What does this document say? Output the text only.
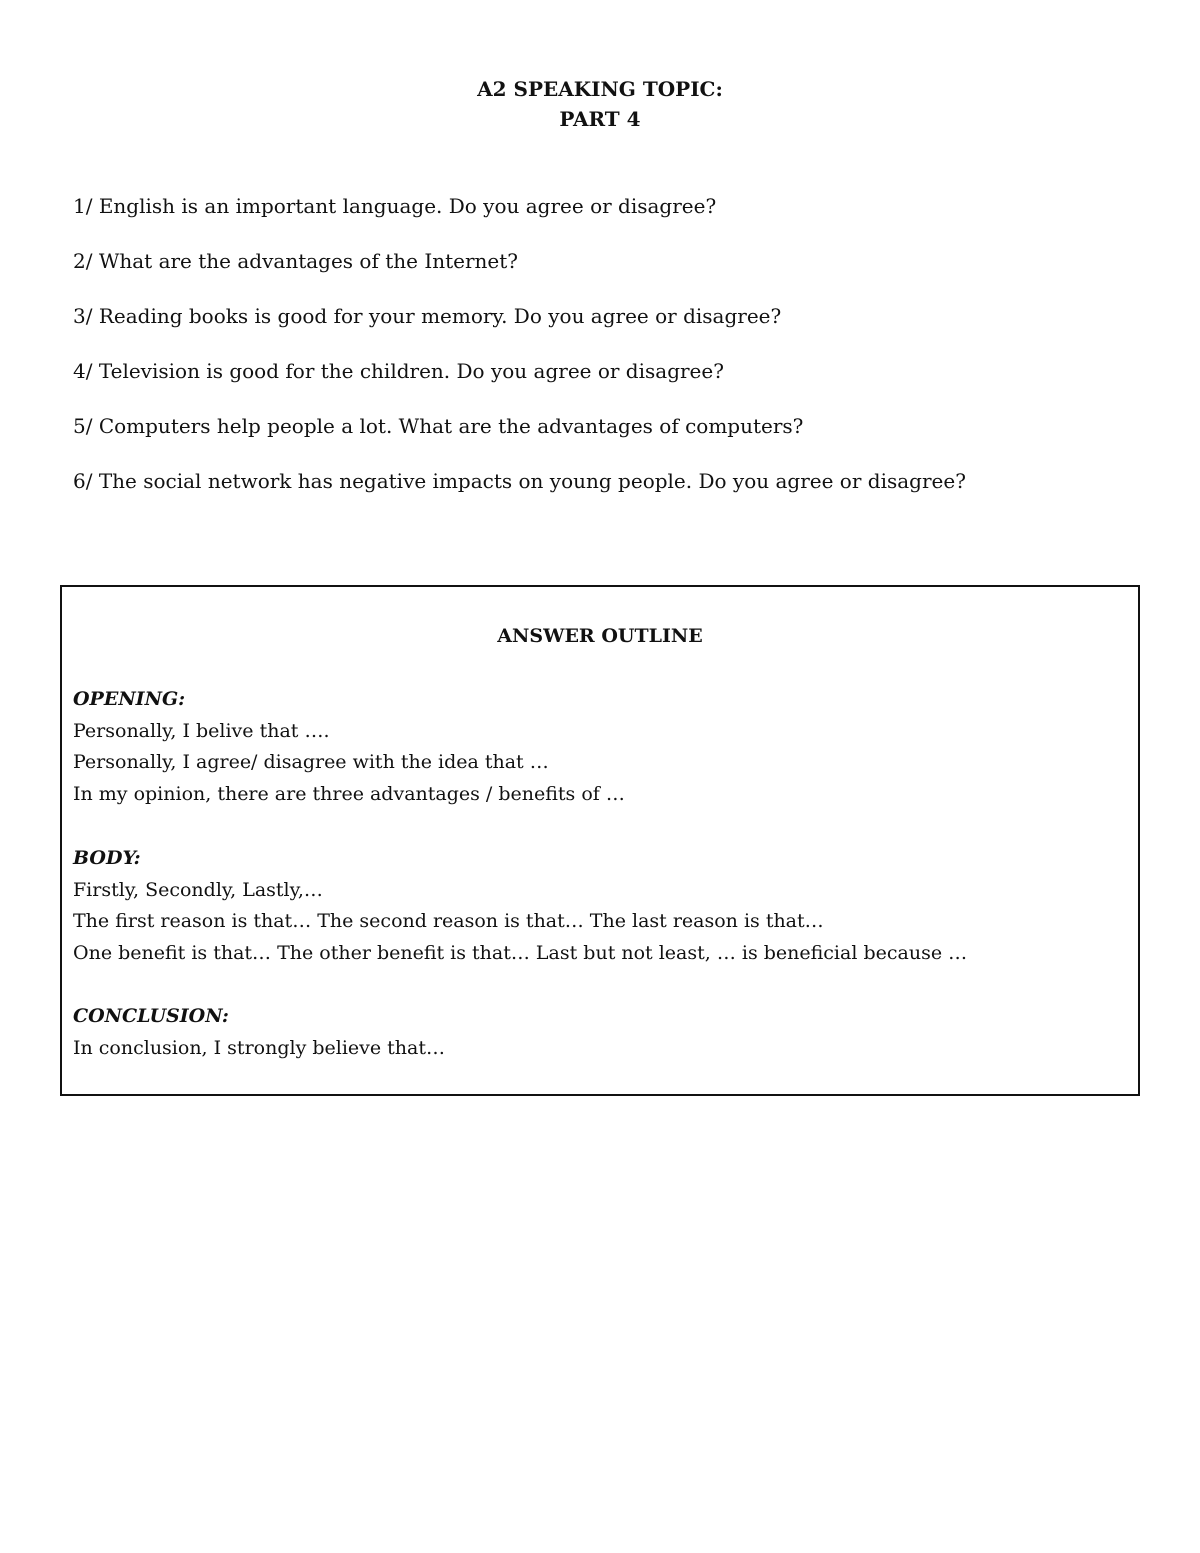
A2 SPEAKING TOPIC:
PART 4
1/ English is an important language. Do you agree or disagree?
2/ What are the advantages of the Internet?
3/ Reading books is good for your memory. Do you agree or disagree?
4/ Television is good for the children. Do you agree or disagree?
5/ Computers help people a lot. What are the advantages of computers?
6/ The social network has negative impacts on young people. Do you agree or disagree?
ANSWER OUTLINE
OPENING:
Personally, I belive that ….
Personally, I agree/ disagree with the idea that …
In my opinion, there are three advantages / benefits of …
BODY:
Firstly, Secondly, Lastly,…
The first reason is that… The second reason is that… The last reason is that…
One benefit is that… The other benefit is that… Last but not least, … is beneficial because …
CONCLUSION:
In conclusion, I strongly believe that…
